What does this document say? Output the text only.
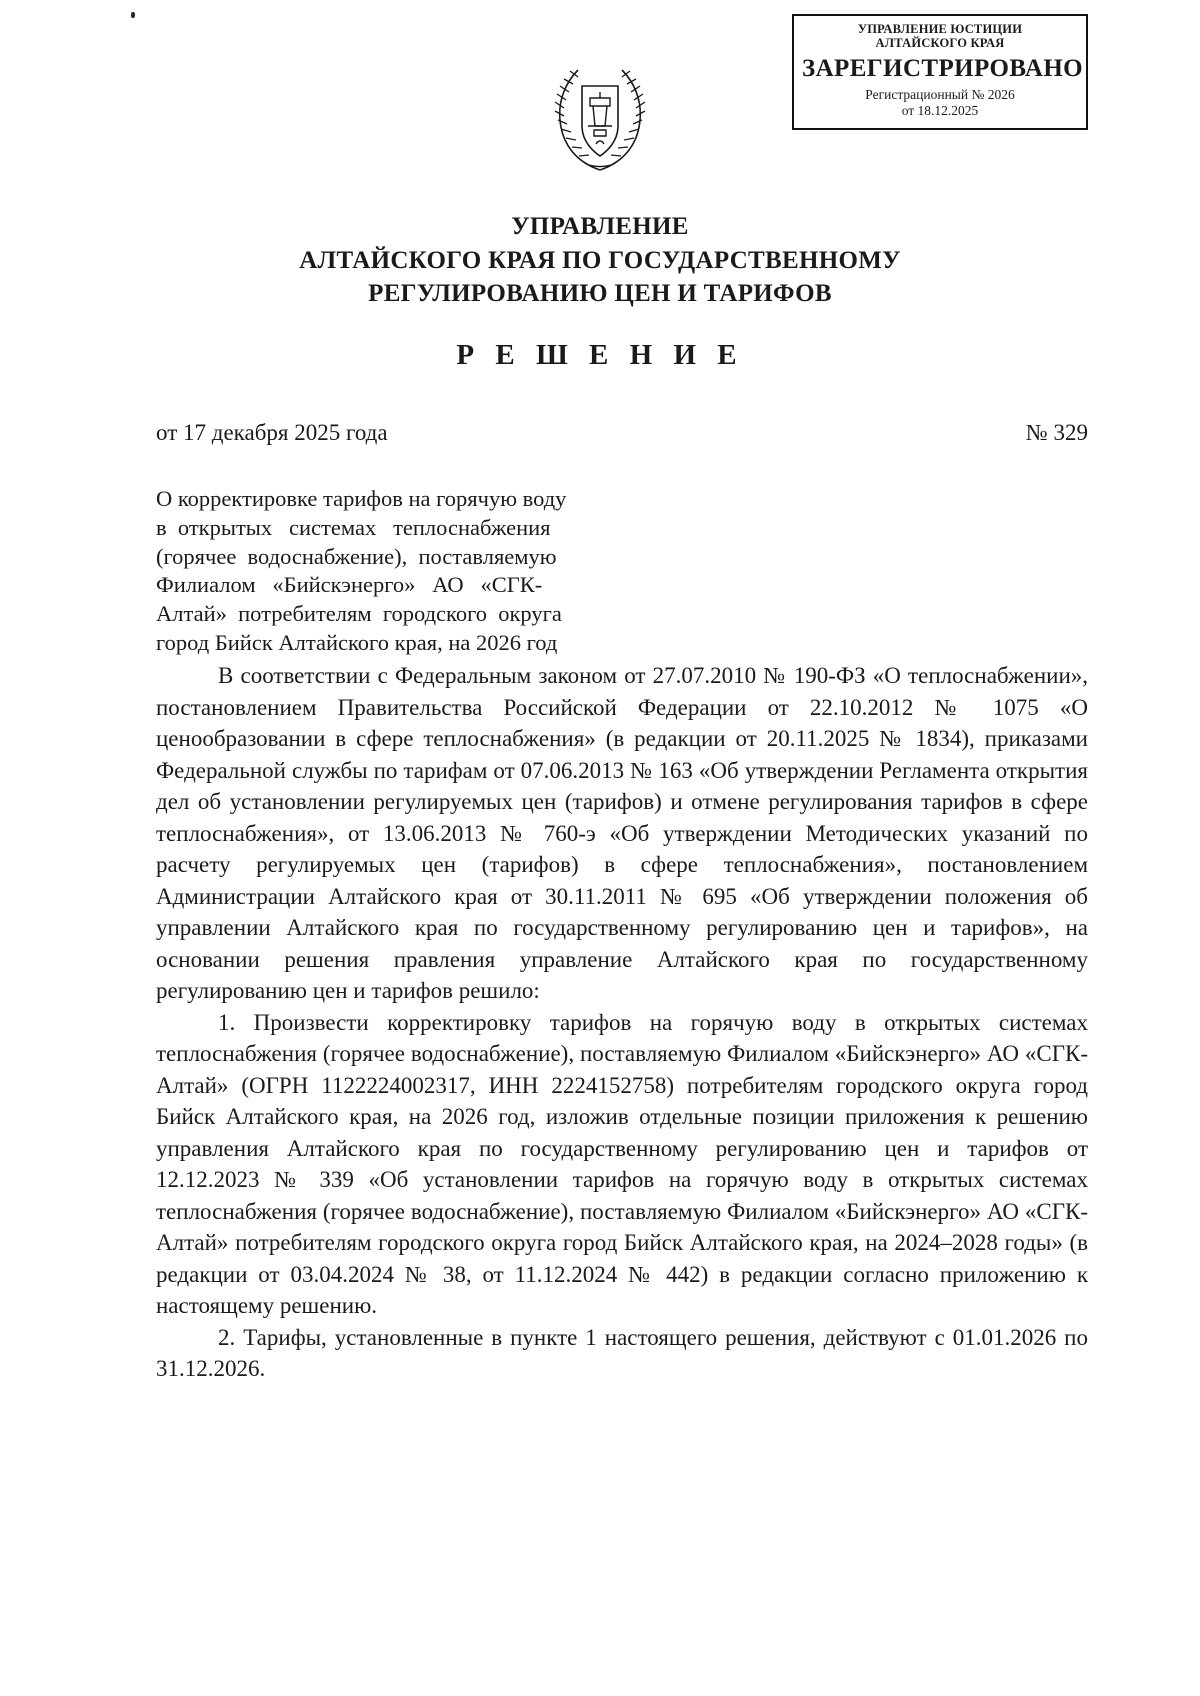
УПРАВЛЕНИЕ ЮСТИЦИИ
АЛТАЙСКОГО КРАЯ
ЗАРЕГИСТРИРОВАНО
Регистрационный № 2026
от 18.12.2025
УПРАВЛЕНИЕ
АЛТАЙСКОГО КРАЯ ПО ГОСУДАРСТВЕННОМУ
РЕГУЛИРОВАНИЮ ЦЕН И ТАРИФОВ
Р Е Ш Е Н И Е
от 17 декабря 2025 года	№ 329
О корректировке тарифов на горячую воду
в  открытых   системах   теплоснабжения
(горячее  водоснабжение),  поставляемую
Филиалом   «Бийскэнерго»   АО   «СГК-
Алтай»  потребителям  городского  округа
город Бийск Алтайского края, на 2026 год

В соответствии с Федеральным законом от 27.07.2010 № 190-ФЗ «О теплоснабжении», постановлением Правительства Российской Федерации от 22.10.2012 № 1075 «О ценообразовании в сфере теплоснабжения» (в редакции от 20.11.2025 № 1834), приказами Федеральной службы по тарифам от 07.06.2013 № 163 «Об утверждении Регламента открытия дел об установлении регулируемых цен (тарифов) и отмене регулирования тарифов в сфере теплоснабжения», от 13.06.2013 № 760-э «Об утверждении Методических указаний по расчету регулируемых цен (тарифов) в сфере теплоснабжения», постановлением Администрации Алтайского края от 30.11.2011 № 695 «Об утверждении положения об управлении Алтайского края по государственному регулированию цен и тарифов», на основании решения правления управление Алтайского края по государственному регулированию цен и тарифов решило:

1. Произвести корректировку тарифов на горячую воду в открытых системах теплоснабжения (горячее водоснабжение), поставляемую Филиалом «Бийскэнерго» АО «СГК-Алтай» (ОГРН 1122224002317, ИНН 2224152758) потребителям городского округа город Бийск Алтайского края, на 2026 год, изложив отдельные позиции приложения к решению управления Алтайского края по государственному регулированию цен и тарифов от 12.12.2023 № 339 «Об установлении тарифов на горячую воду в открытых системах теплоснабжения (горячее водоснабжение), поставляемую Филиалом «Бийскэнерго» АО «СГК-Алтай» потребителям городского округа город Бийск Алтайского края, на 2024–2028 годы» (в редакции от 03.04.2024 № 38, от 11.12.2024 № 442) в редакции согласно приложению к настоящему решению.

2. Тарифы, установленные в пункте 1 настоящего решения, действуют с 01.01.2026 по 31.12.2026.
